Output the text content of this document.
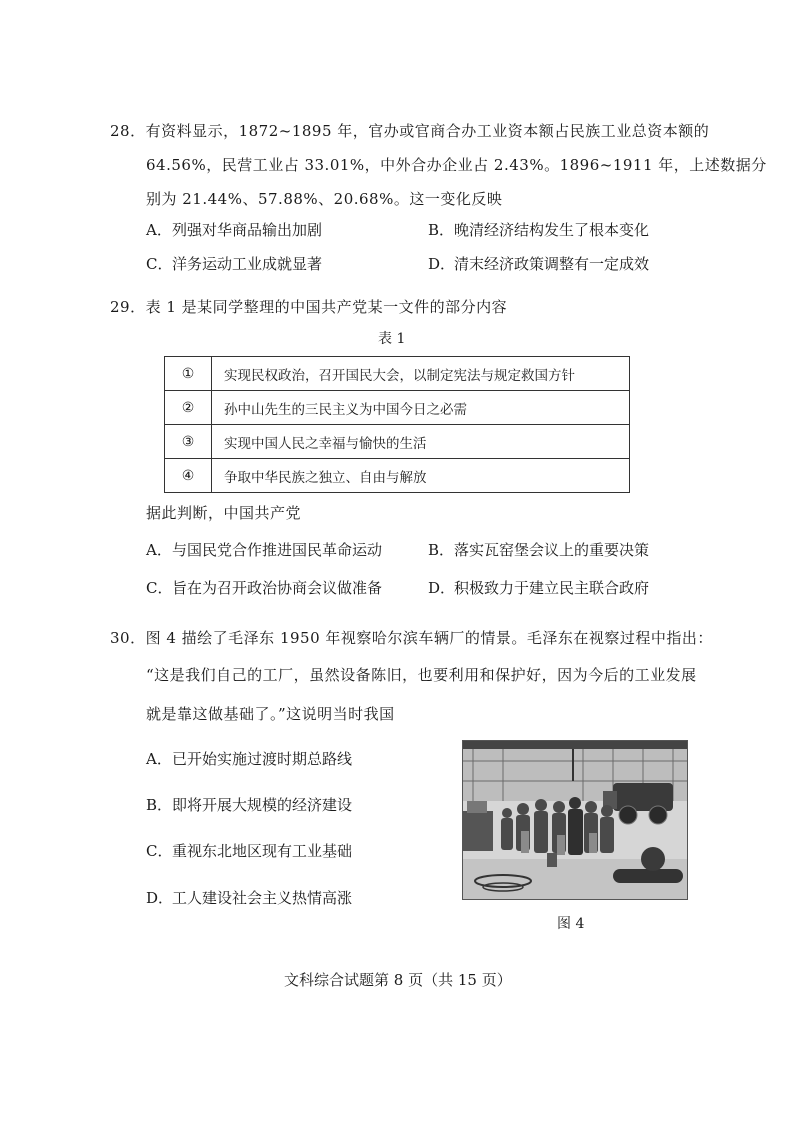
28．有资料显示，1872~1895 年，官办或官商合办工业资本额占民族工业总资本额的
64.56%，民营工业占 33.01%，中外合办企业占 2.43%。1896~1911 年，上述数据分
别为 21.44%、57.88%、20.68%。这一变化反映
A．列强对华商品输出加剧	B．晚清经济结构发生了根本变化
C．洋务运动工业成就显著	D．清末经济政策调整有一定成效
29．表 1 是某同学整理的中国共产党某一文件的部分内容
表 1
①	实现民权政治，召开国民大会，以制定宪法与规定救国方针
②	孙中山先生的三民主义为中国今日之必需
③	实现中国人民之幸福与愉快的生活
④	争取中华民族之独立、自由与解放
据此判断，中国共产党
A．与国民党合作推进国民革命运动	B．落实瓦窑堡会议上的重要决策
C．旨在为召开政治协商会议做准备	D．积极致力于建立民主联合政府
30．图 4 描绘了毛泽东 1950 年视察哈尔滨车辆厂的情景。毛泽东在视察过程中指出：
“这是我们自己的工厂，虽然设备陈旧，也要利用和保护好，因为今后的工业发展
就是靠这做基础了。”这说明当时我国
A．已开始实施过渡时期总路线
B．即将开展大规模的经济建设
C．重视东北地区现有工业基础
D．工人建设社会主义热情高涨
图 4
文科综合试题第 8 页（共 15 页）
